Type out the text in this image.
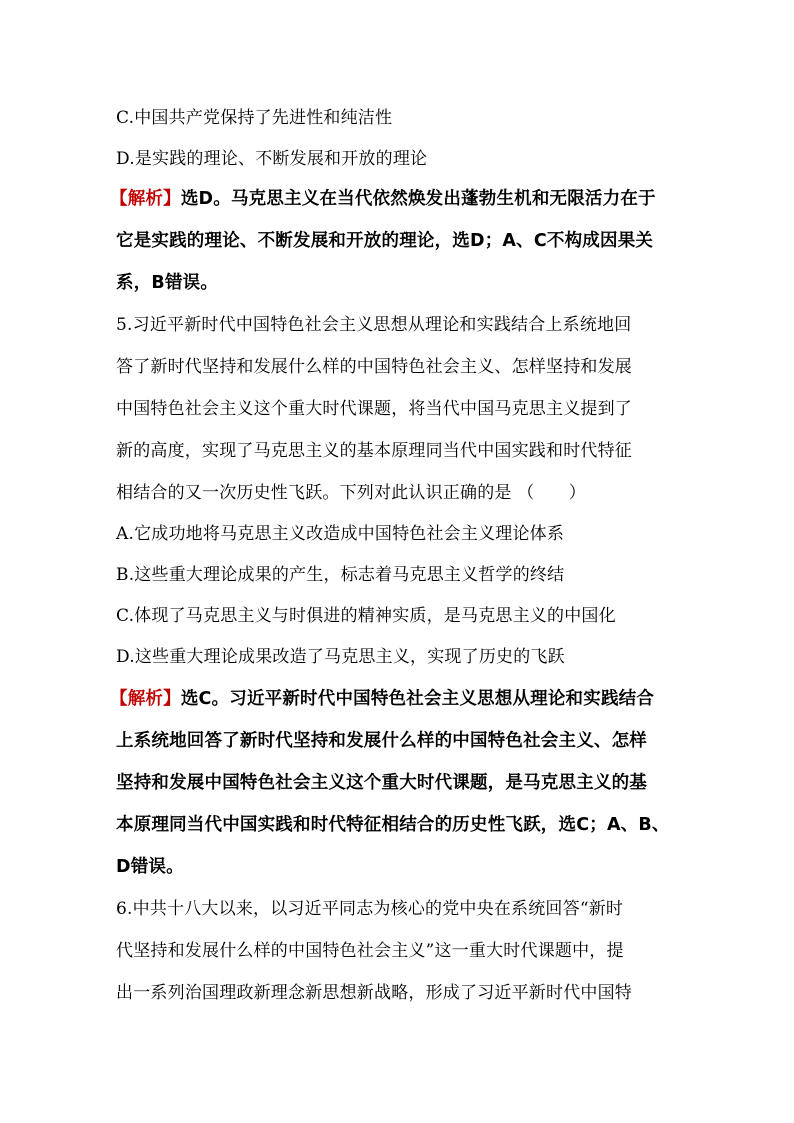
C.中国共产党保持了先进性和纯洁性
D.是实践的理论、不断发展和开放的理论
【解析】选D。马克思主义在当代依然焕发出蓬勃生机和无限活力在于
它是实践的理论、不断发展和开放的理论，选D；A、C不构成因果关
系，B错误。
5.习近平新时代中国特色社会主义思想从理论和实践结合上系统地回
答了新时代坚持和发展什么样的中国特色社会主义、怎样坚持和发展
中国特色社会主义这个重大时代课题，将当代中国马克思主义提到了
新的高度，实现了马克思主义的基本原理同当代中国实践和时代特征
相结合的又一次历史性飞跃。下列对此认识正确的是 （　　）
A.它成功地将马克思主义改造成中国特色社会主义理论体系
B.这些重大理论成果的产生，标志着马克思主义哲学的终结
C.体现了马克思主义与时俱进的精神实质，是马克思主义的中国化
D.这些重大理论成果改造了马克思主义，实现了历史的飞跃
【解析】选C。习近平新时代中国特色社会主义思想从理论和实践结合
上系统地回答了新时代坚持和发展什么样的中国特色社会主义、怎样
坚持和发展中国特色社会主义这个重大时代课题，是马克思主义的基
本原理同当代中国实践和时代特征相结合的历史性飞跃，选C；A、B、
D错误。
6.中共十八大以来，以习近平同志为核心的党中央在系统回答“新时
代坚持和发展什么样的中国特色社会主义”这一重大时代课题中，提
出一系列治国理政新理念新思想新战略，形成了习近平新时代中国特
